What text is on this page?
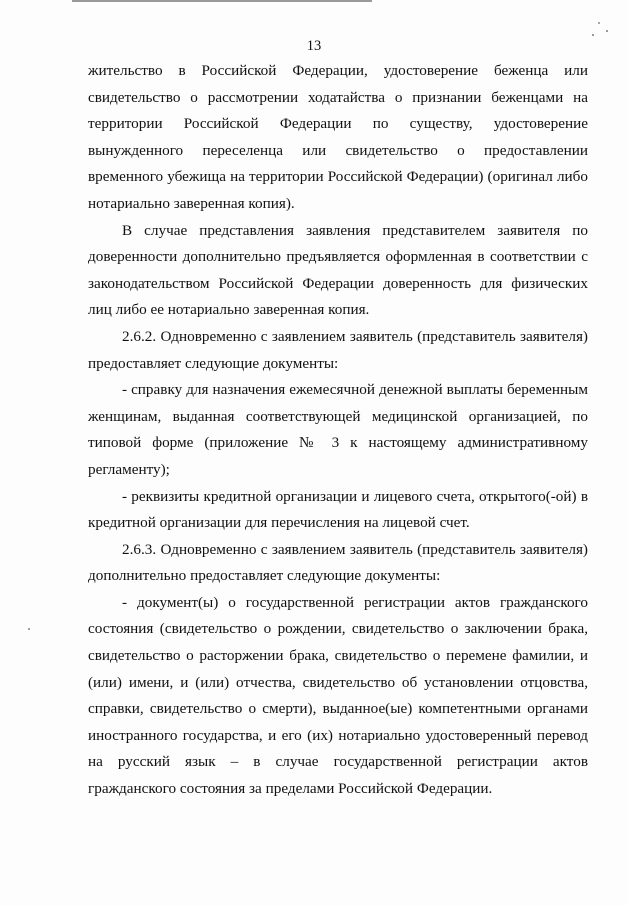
13

жительство в Российской Федерации, удостоверение беженца или свидетельство о рассмотрении ходатайства о признании беженцами на территории Российской Федерации по существу, удостоверение вынужденного переселенца или свидетельство о предоставлении временного убежища на территории Российской Федерации) (оригинал либо нотариально заверенная копия).

В случае представления заявления представителем заявителя по доверенности дополнительно предъявляется оформленная в соответствии с законодательством Российской Федерации доверенность для физических лиц либо ее нотариально заверенная копия.

2.6.2. Одновременно с заявлением заявитель (представитель заявителя) предоставляет следующие документы:

- справку для назначения ежемесячной денежной выплаты беременным женщинам, выданная соответствующей медицинской организацией, по типовой форме (приложение № 3 к настоящему административному регламенту);

- реквизиты кредитной организации и лицевого счета, открытого(-ой) в кредитной организации для перечисления на лицевой счет.

2.6.3. Одновременно с заявлением заявитель (представитель заявителя) дополнительно предоставляет следующие документы:

- документ(ы) о государственной регистрации актов гражданского состояния (свидетельство о рождении, свидетельство о заключении брака, свидетельство о расторжении брака, свидетельство о перемене фамилии, и (или) имени, и (или) отчества, свидетельство об установлении отцовства, справки, свидетельство о смерти), выданное(ые) компетентными органами иностранного государства, и его (их) нотариально удостоверенный перевод на русский язык – в случае государственной регистрации актов гражданского состояния за пределами Российской Федерации.
